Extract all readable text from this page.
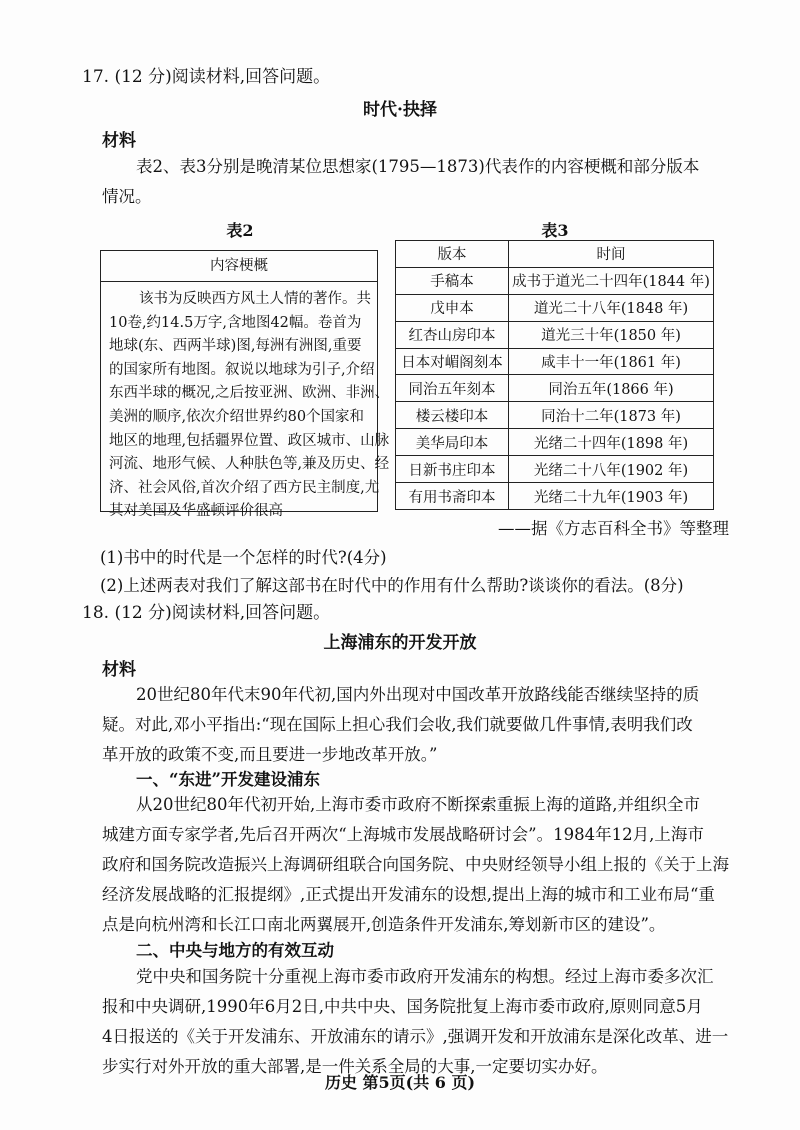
17. (12 分)阅读材料,回答问题。
时代·抉择
材料
表2、表3分别是晚清某位思想家(1795—1873)代表作的内容梗概和部分版本
情况。
表2	表3
内容梗概
该书为反映西方风土人情的著作。共
10卷,约14.5万字,含地图42幅。卷首为
地球(东、西两半球)图,每洲有洲图,重要
的国家所有地图。叙说以地球为引子,介绍
东西半球的概况,之后按亚洲、欧洲、非洲、
美洲的顺序,依次介绍世界约80个国家和
地区的地理,包括疆界位置、政区城市、山脉
河流、地形气候、人种肤色等,兼及历史、经
济、社会风俗,首次介绍了西方民主制度,尤
其对美国及华盛顿评价很高
版本	时间
手稿本	成书于道光二十四年(1844 年)
戊申本	道光二十八年(1848 年)
红杏山房印本	道光三十年(1850 年)
日本对嵋阁刻本	咸丰十一年(1861 年)
同治五年刻本	同治五年(1866 年)
楼云楼印本	同治十二年(1873 年)
美华局印本	光绪二十四年(1898 年)
日新书庄印本	光绪二十八年(1902 年)
有用书斋印本	光绪二十九年(1903 年)
——据《方志百科全书》等整理
(1)书中的时代是一个怎样的时代?(4分)
(2)上述两表对我们了解这部书在时代中的作用有什么帮助?谈谈你的看法。(8分)
18. (12 分)阅读材料,回答问题。
上海浦东的开发开放
材料
20世纪80年代末90年代初,国内外出现对中国改革开放路线能否继续坚持的质
疑。对此,邓小平指出:“现在国际上担心我们会收,我们就要做几件事情,表明我们改
革开放的政策不变,而且要进一步地改革开放。”
一、“东进”开发建设浦东
从20世纪80年代初开始,上海市委市政府不断探索重振上海的道路,并组织全市
城建方面专家学者,先后召开两次“上海城市发展战略研讨会”。1984年12月,上海市
政府和国务院改造振兴上海调研组联合向国务院、中央财经领导小组上报的《关于上海
经济发展战略的汇报提纲》,正式提出开发浦东的设想,提出上海的城市和工业布局“重
点是向杭州湾和长江口南北两翼展开,创造条件开发浦东,筹划新市区的建设”。
二、中央与地方的有效互动
党中央和国务院十分重视上海市委市政府开发浦东的构想。经过上海市委多次汇
报和中央调研,1990年6月2日,中共中央、国务院批复上海市委市政府,原则同意5月
4日报送的《关于开发浦东、开放浦东的请示》,强调开发和开放浦东是深化改革、进一
步实行对外开放的重大部署,是一件关系全局的大事,一定要切实办好。
历史 第5页(共 6 页)
